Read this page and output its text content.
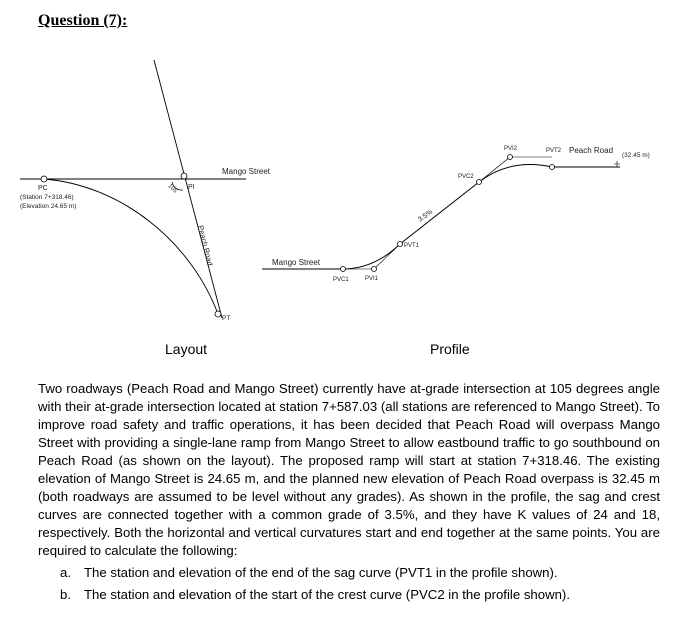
Question (7):
PC
(Station 7+318.46)
(Elevation 24.65 m)
PI
PT
Mango Street
Peach Road
105
Layout
Mango Street
Peach Road
(32.45 m)
3.5%
PVC1	PVI1
PVT1
PVC2
PVI2	PVT2
Profile
Two roadways (Peach Road and Mango Street) currently have at-grade intersection at 105 degrees angle with their at-grade intersection located at station 7+587.03 (all stations are referenced to Mango Street). To improve road safety and traffic operations, it has been decided that Peach Road will overpass Mango Street with providing a single-lane ramp from Mango Street to allow eastbound traffic to go southbound on Peach Road (as shown on the layout). The proposed ramp will start at station 7+318.46. The existing elevation of Mango Street is 24.65 m, and the planned new elevation of Peach Road overpass is 32.45 m (both roadways are assumed to be level without any grades). As shown in the profile, the sag and crest curves are connected together with a common grade of 3.5%, and they have K values of 24 and 18, respectively. Both the horizontal and vertical curvatures start and end together at the same points. You are required to calculate the following:
a. The station and elevation of the end of the sag curve (PVT1 in the profile shown).
b. The station and elevation of the start of the crest curve (PVC2 in the profile shown).
